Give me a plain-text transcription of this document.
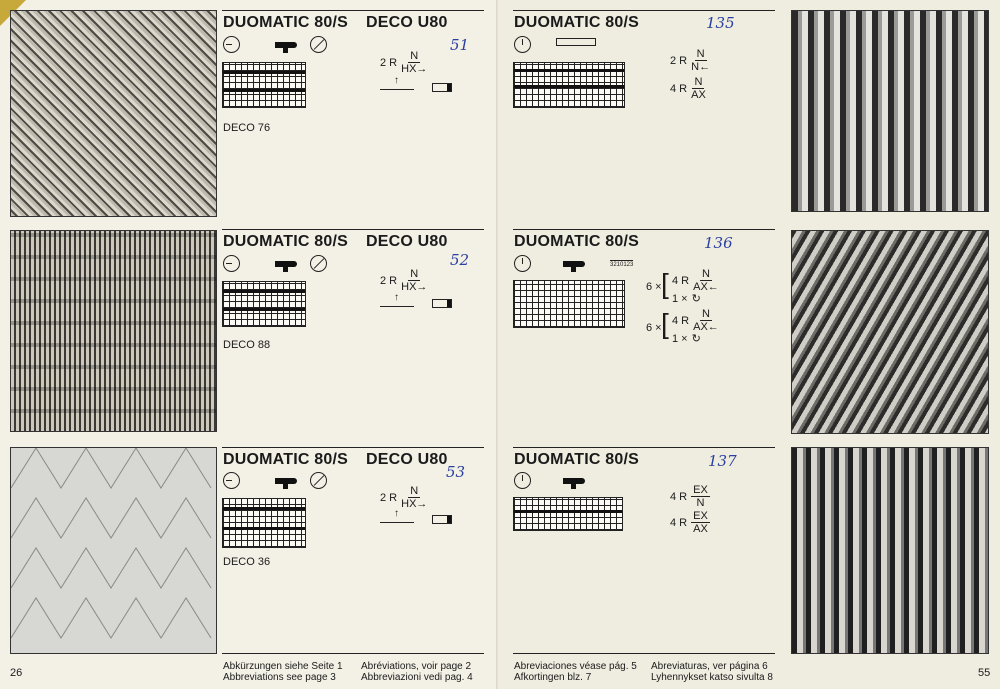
DUOMATIC 80/S DECO U80
51
2 R $\frac{N}{HX\to}$
↑
DECO 76
DUOMATIC 80/S DECO U80
52
2 R $\frac{N}{HX\to}$
↑
DECO 88
DUOMATIC 80/S DECO U80
53
2 R $\frac{N}{HX\to}$
↑
DECO 36
Abkürzungen siehe Seite 1
Abbreviations see page 3
Abréviations, voir page 2
Abbreviazioni vedi pag. 4
26
DUOMATIC 80/S	135
2 R $\frac{N}{N\leftarrow}$
4 R $\frac{N}{AX}$
DUOMATIC 80/S	136
3210123
6 × [ 4 R $\frac{N}{AX\leftarrow}$
1 × ↻
6 × [ 4 R $\frac{N}{AX\leftarrow}$
1 × ↻
DUOMATIC 80/S	137
4 R $\frac{EX}{N}$
4 R $\frac{EX}{AX}$
Abreviaciones véase pág. 5
Afkortingen blz. 7
Abreviaturas, ver página 6
Lyhennykset katso sivulta 8	55
